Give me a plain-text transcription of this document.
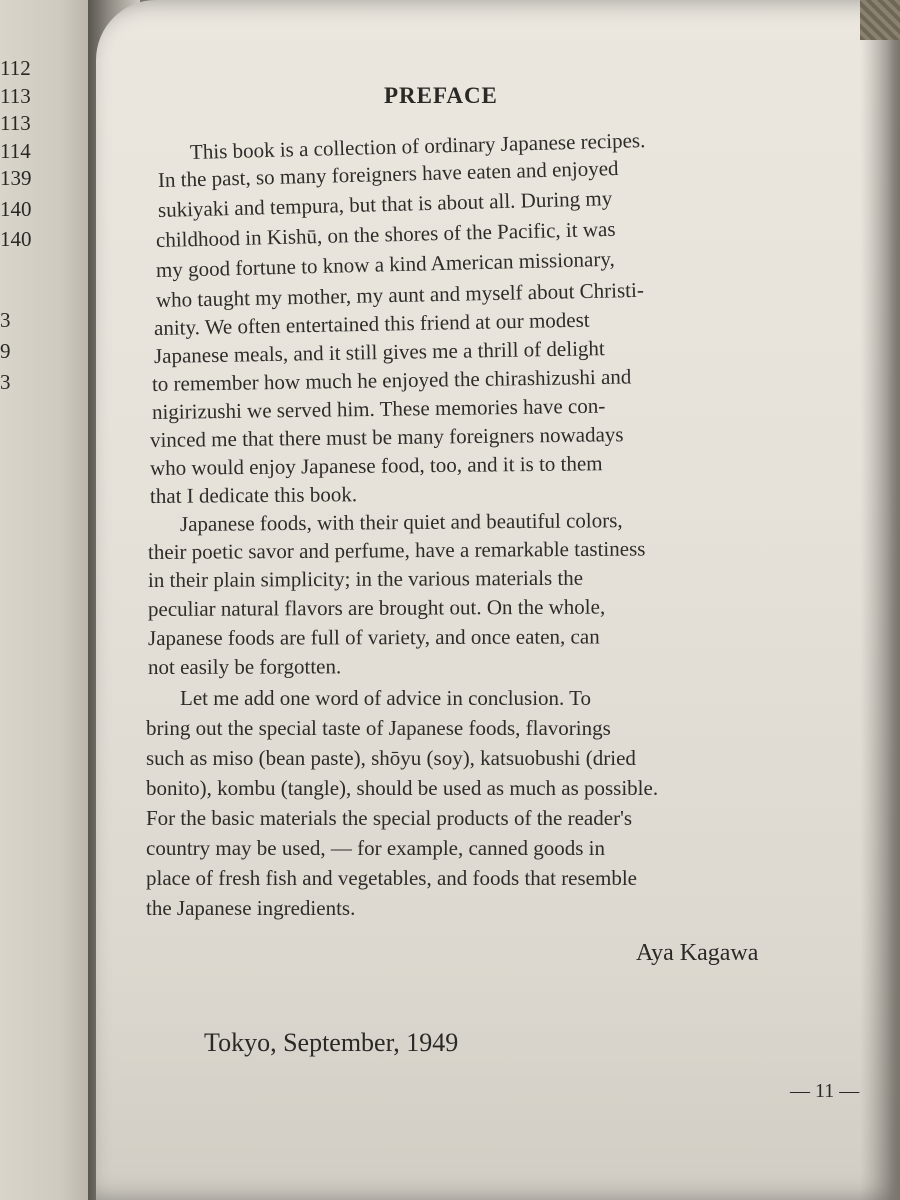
112
113
113
114
139
140
140
3
9
3
PREFACE
This book is a collection of ordinary Japanese recipes.
In the past, so many foreigners have eaten and enjoyed
sukiyaki and tempura, but that is about all. During my
childhood in Kishū, on the shores of the Pacific, it was
my good fortune to know a kind American missionary,
who taught my mother, my aunt and myself about Christi-
anity. We often entertained this friend at our modest
Japanese meals, and it still gives me a thrill of delight
to remember how much he enjoyed the chirashizushi and
nigirizushi we served him. These memories have con-
vinced me that there must be many foreigners nowadays
who would enjoy Japanese food, too, and it is to them
that I dedicate this book.
Japanese foods, with their quiet and beautiful colors,
their poetic savor and perfume, have a remarkable tastiness
in their plain simplicity; in the various materials the
peculiar natural flavors are brought out. On the whole,
Japanese foods are full of variety, and once eaten, can
not easily be forgotten.
Let me add one word of advice in conclusion. To
bring out the special taste of Japanese foods, flavorings
such as miso (bean paste), shōyu (soy), katsuobushi (dried
bonito), kombu (tangle), should be used as much as possible.
For the basic materials the special products of the reader's
country may be used, — for example, canned goods in
place of fresh fish and vegetables, and foods that resemble
the Japanese ingredients.
Aya Kagawa
Tokyo, September, 1949
— 11 —
